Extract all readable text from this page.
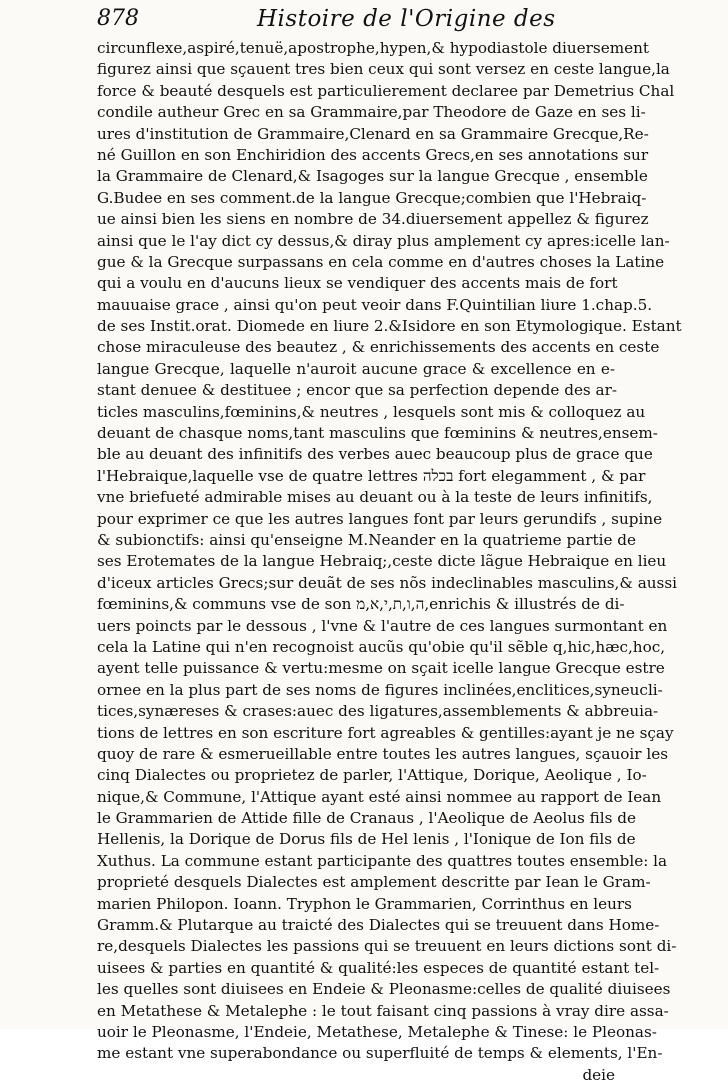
878	Histoire de l'Origine des
circunflexe,aspiré,tenuë,apostrophe,hypen,& hypodiastole diuersement
figurez ainsi que sçauent tres bien ceux qui sont versez en ceste langue,la
force & beauté desquels est particulierement declaree par Demetrius Chal
condile autheur Grec en sa Grammaire,par Theodore de Gaze en ses li-
ures d'institution de Grammaire,Clenard en sa Grammaire Grecque,Re-
né Guillon en son Enchiridion des accents Grecs,en ses annotations sur
la Grammaire de Clenard,& Isagoges sur la langue Grecque , ensemble
G.Budee en ses comment.de la langue Grecque;combien que l'Hebraiq-
ue ainsi bien les siens en nombre de 34.diuersement appellez & figurez
ainsi que le l'ay dict cy dessus,& diray plus amplement cy apres:icelle lan-
gue & la Grecque surpassans en cela comme en d'autres choses la Latine
qui a voulu en d'aucuns lieux se vendiquer des accents mais de fort
mauuaise grace , ainsi qu'on peut veoir dans F.Quintilian liure 1.chap.5.
de ses Instit.orat. Diomede en liure 2.&Isidore en son Etymologique. Estant
chose miraculeuse des beautez , & enrichissements des accents en ceste
langue Grecque, laquelle n'auroit aucune grace & excellence en e-
stant denuee & destituee ; encor que sa perfection depende des ar-
ticles masculins,fœminins,& neutres , lesquels sont mis & colloquez au
deuant de chasque noms,tant masculins que fœminins & neutres,ensem-
ble au deuant des infinitifs des verbes auec beaucoup plus de grace que
l'Hebraique,laquelle vse de quatre lettres בכלה fort elegamment , & par
vne briefueté admirable mises au deuant ou à la teste de leurs infinitifs,
pour exprimer ce que les autres langues font par leurs gerundifs , supine
& subionctifs: ainsi qu'enseigne M.Neander en la quatrieme partie de
ses Erotemates de la langue Hebraiq;,ceste dicte lãgue Hebraique en lieu
d'iceux articles Grecs;sur deuãt de ses nõs indeclinables masculins,& aussi
fœminins,& communs vse de son ה,ו,ת,י,א,מ,enrichis & illustrés de di-
uers poincts par le dessous , l'vne & l'autre de ces langues surmontant en
cela la Latine qui n'en recognoist aucũs qu'obie qu'il sẽble q,hic,hæc,hoc,
ayent telle puissance & vertu:mesme on sçait icelle langue Grecque estre
ornee en la plus part de ses noms de figures inclinées,enclitices,syneucli-
tices,synæreses & crases:auec des ligatures,assemblements & abbreuia-
tions de lettres en son escriture fort agreables & gentilles:ayant je ne sçay
quoy de rare & esmerueillable entre toutes les autres langues, sçauoir les
cinq Dialectes ou proprietez de parler, l'Attique, Dorique, Aeolique , Io-
nique,& Commune, l'Attique ayant esté ainsi nommee au rapport de Iean
le Grammarien de Attide fille de Cranaus , l'Aeolique de Aeolus fils de
Hellenis, la Dorique de Dorus fils de Hel lenis , l'Ionique de Ion fils de
Xuthus. La commune estant participante des quattres toutes ensemble: la
proprieté desquels Dialectes est amplement descritte par Iean le Gram-
marien Philopon. Ioann. Tryphon le Grammarien, Corrinthus en leurs
Gramm.& Plutarque au traicté des Dialectes qui se treuuent dans Home-
re,desquels Dialectes les passions qui se treuuent en leurs dictions sont di-
uisees & parties en quantité & qualité:les especes de quantité estant tel-
les quelles sont diuisees en Endeie & Pleonasme:celles de qualité diuisees
en Metathese & Metalephe : le tout faisant cinq passions à vray dire assa-
uoir le Pleonasme, l'Endeie, Metathese, Metalephe & Tinese: le Pleonas-
me estant vne superabondance ou superfluité de temps & elements, l'En-
deie
